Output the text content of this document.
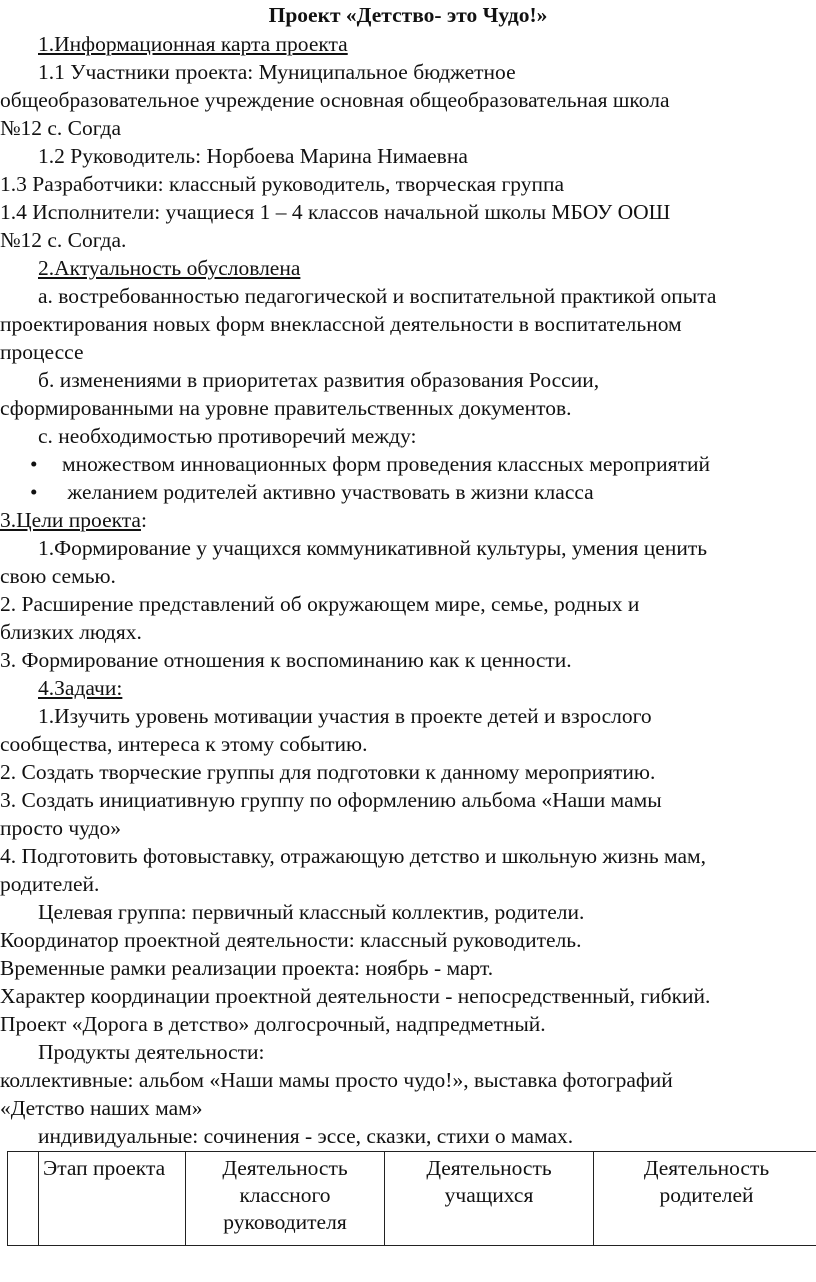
Проект «Детство- это Чудо!»
1.Информационная карта проекта
1.1 Участники проекта: Муниципальное бюджетное
общеобразовательное учреждение основная общеобразовательная школа
№12 с. Согда
1.2 Руководитель: Норбоева Марина Нимаевна
1.3 Разработчики: классный руководитель, творческая группа
1.4 Исполнители: учащиеся 1 – 4 классов начальной школы МБОУ ООШ
№12 с. Согда.
2.Актуальность обусловлена
а. востребованностью педагогической и воспитательной практикой опыта
проектирования новых форм внеклассной деятельности в воспитательном
процессе
б. изменениями в приоритетах развития образования России,
сформированными на уровне правительственных документов.
с. необходимостью противоречий между:
• множеством инновационных форм проведения классных мероприятий
• желанием родителей активно участвовать в жизни класса
3.Цели проекта:
1.Формирование у учащихся коммуникативной культуры, умения ценить
свою семью.
2. Расширение представлений об окружающем мире, семье, родных и
близких людях.
3. Формирование отношения к воспоминанию как к ценности.
4.Задачи:
1.Изучить уровень мотивации участия в проекте детей и взрослого
сообщества, интереса к этому событию.
2. Создать творческие группы для подготовки к данному мероприятию.
3. Создать инициативную группу по оформлению альбома «Наши мамы
просто чудо»
4. Подготовить фотовыставку, отражающую детство и школьную жизнь мам,
родителей.
Целевая группа: первичный классный коллектив, родители.
Координатор проектной деятельности: классный руководитель.
Временные рамки реализации проекта: ноябрь - март.
Характер координации проектной деятельности - непосредственный, гибкий.
Проект «Дорога в детство» долгосрочный, надпредметный.
Продукты деятельности:
коллективные: альбом «Наши мамы просто чудо!», выставка фотографий
«Детство наших мам»
индивидуальные: сочинения - эссе, сказки, стихи о мамах.
	Этап проекта	Деятельность классного руководителя	Деятельность учащихся	Деятельность родителей
